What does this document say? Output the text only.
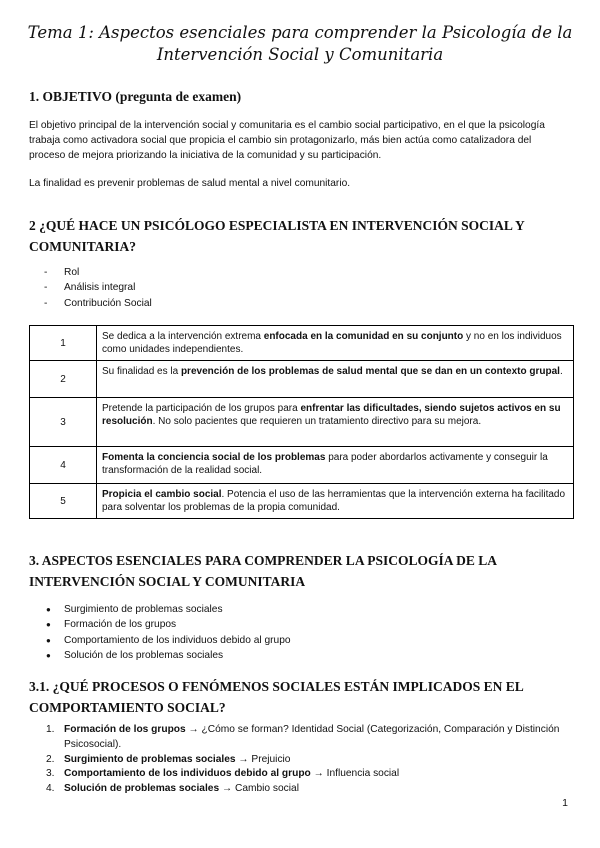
Tema 1: Aspectos esenciales para comprender la Psicología de la
Intervención Social y Comunitaria
1. OBJETIVO (pregunta de examen)
El objetivo principal de la intervención social y comunitaria es el cambio social participativo, en el que la psicología trabaja como activadora social que propicia el cambio sin protagonizarlo, más bien actúa como catalizadora del proceso de mejora priorizando la iniciativa de la comunidad y su participación.
La finalidad es prevenir problemas de salud mental a nivel comunitario.
2 ¿QUÉ HACE UN PSICÓLOGO ESPECIALISTA EN INTERVENCIÓN SOCIAL Y
COMUNITARIA?
- Rol
- Análisis integral
- Contribución Social
1	Se dedica a la intervención extrema enfocada en la comunidad en su conjunto y no en los individuos como unidades independientes.
2	Su finalidad es la prevención de los problemas de salud mental que se dan en un contexto grupal.
3	Pretende la participación de los grupos para enfrentar las dificultades, siendo sujetos activos en su resolución. No solo pacientes que requieren un tratamiento directivo para su mejora.
4	Fomenta la conciencia social de los problemas para poder abordarlos activamente y conseguir la transformación de la realidad social.
5	Propicia el cambio social. Potencia el uso de las herramientas que la intervención externa ha facilitado para solventar los problemas de la propia comunidad.
3. ASPECTOS ESENCIALES PARA COMPRENDER LA PSICOLOGÍA DE LA
INTERVENCIÓN SOCIAL Y COMUNITARIA
● Surgimiento de problemas sociales
● Formación de los grupos
● Comportamiento de los individuos debido al grupo
● Solución de los problemas sociales
3.1. ¿QUÉ PROCESOS O FENÓMENOS SOCIALES ESTÁN IMPLICADOS EN EL
COMPORTAMIENTO SOCIAL?
1. Formación de los grupos → ¿Cómo se forman? Identidad Social (Categorización, Comparación y Distinción Psicosocial).
2. Surgimiento de problemas sociales → Prejuicio
3. Comportamiento de los individuos debido al grupo → Influencia social
4. Solución de problemas sociales → Cambio social
1
